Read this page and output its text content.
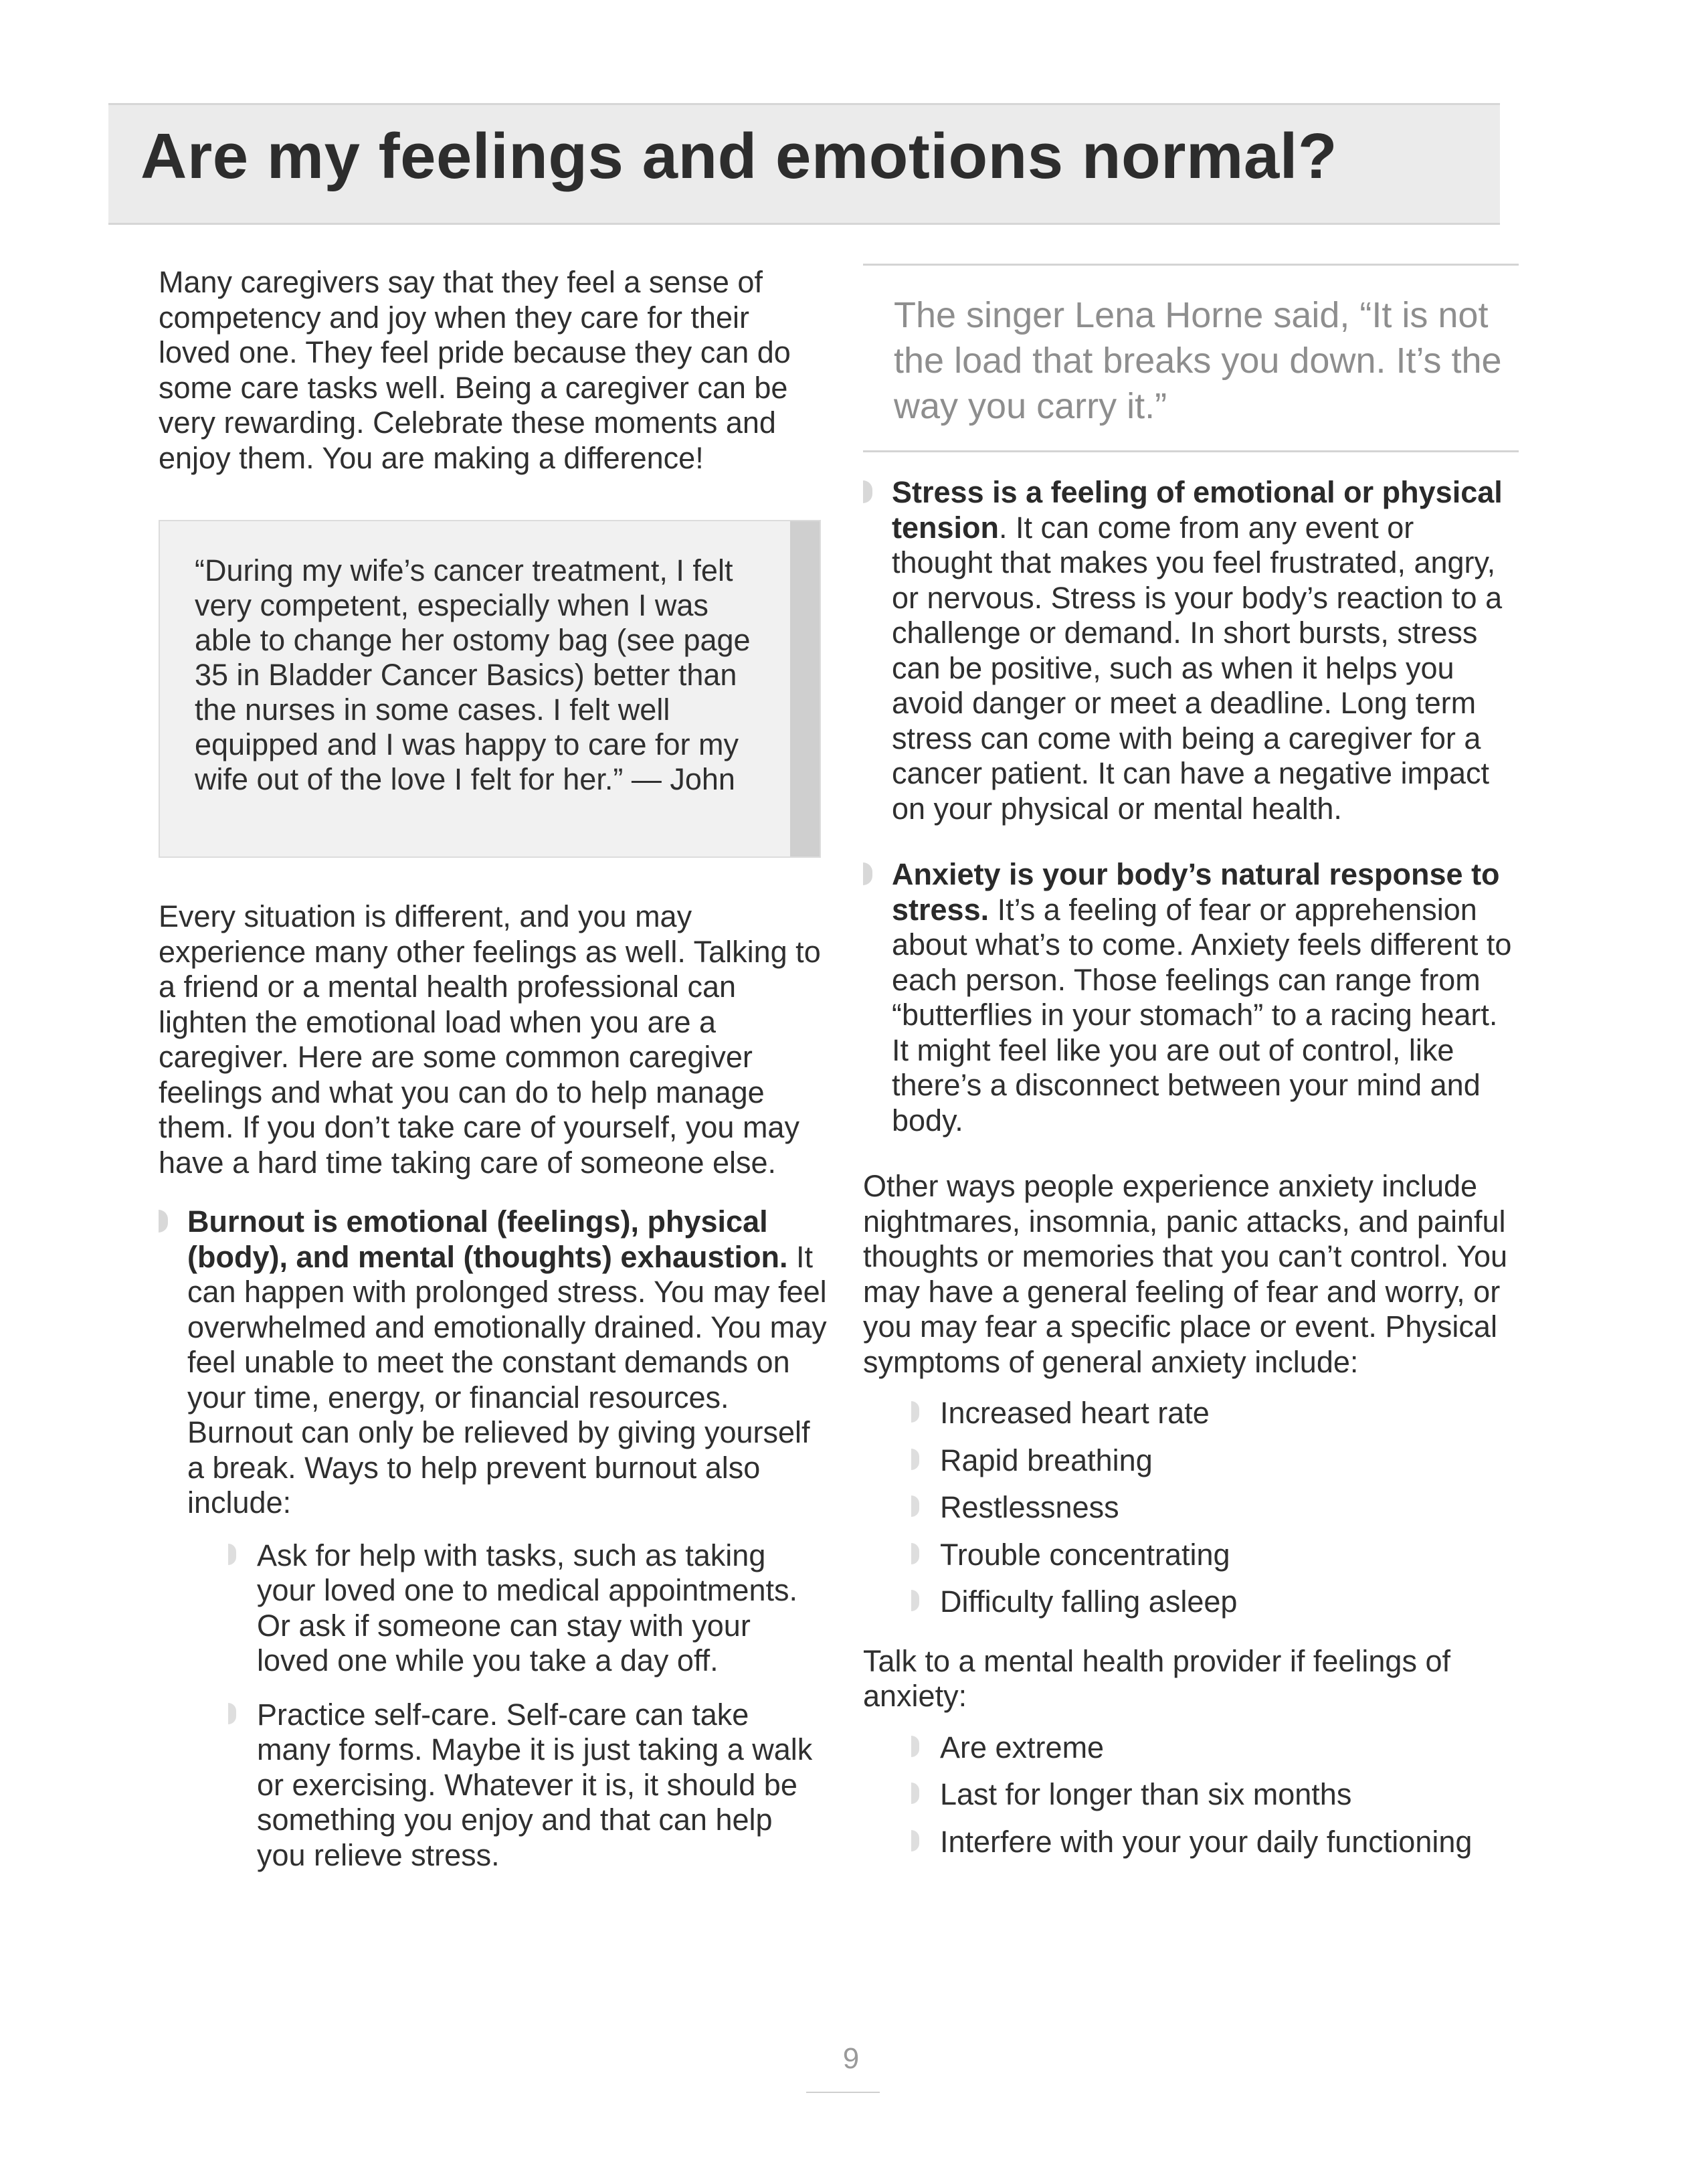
Are my feelings and emotions normal?

Many caregivers say that they feel a sense of competency and joy when they care for their loved one. They feel pride because they can do some care tasks well. Being a caregiver can be very rewarding. Celebrate these moments and enjoy them. You are making a difference!

“During my wife’s cancer treatment, I felt very competent, especially when I was able to change her ostomy bag (see page 35 in Bladder Cancer Basics) better than the nurses in some cases. I felt well equipped and I was happy to care for my wife out of the love I felt for her.” — John

Every situation is different, and you may experience many other feelings as well. Talking to a friend or a mental health professional can lighten the emotional load when you are a caregiver. Here are some common caregiver feelings and what you can do to help manage them. If you don’t take care of yourself, you may have a hard time taking care of someone else.

Burnout is emotional (feelings), physical (body), and mental (thoughts) exhaustion. It can happen with prolonged stress. You may feel overwhelmed and emotionally drained. You may feel unable to meet the constant demands on your time, energy, or financial resources. Burnout can only be relieved by giving yourself a break. Ways to help prevent burnout also include:

Ask for help with tasks, such as taking your loved one to medical appointments. Or ask if someone can stay with your loved one while you take a day off.

Practice self-care. Self-care can take many forms. Maybe it is just taking a walk or exercising. Whatever it is, it should be something you enjoy and that can help you relieve stress.

The singer Lena Horne said, “It is not the load that breaks you down. It’s the way you carry it.”

Stress is a feeling of emotional or physical tension. It can come from any event or thought that makes you feel frustrated, angry, or nervous. Stress is your body’s reaction to a challenge or demand. In short bursts, stress can be positive, such as when it helps you avoid danger or meet a deadline. Long term stress can come with being a caregiver for a cancer patient. It can have a negative impact on your physical or mental health.

Anxiety is your body’s natural response to stress. It’s a feeling of fear or apprehension about what’s to come. Anxiety feels different to each person. Those feelings can range from “butterflies in your stomach” to a racing heart. It might feel like you are out of control, like there’s a disconnect between your mind and body.

Other ways people experience anxiety include nightmares, insomnia, panic attacks, and painful thoughts or memories that you can’t control. You may have a general feeling of fear and worry, or you may fear a specific place or event. Physical symptoms of general anxiety include:

Increased heart rate

Rapid breathing

Restlessness

Trouble concentrating

Difficulty falling asleep

Talk to a mental health provider if feelings of anxiety:

Are extreme

Last for longer than six months

Interfere with your your daily functioning

9
